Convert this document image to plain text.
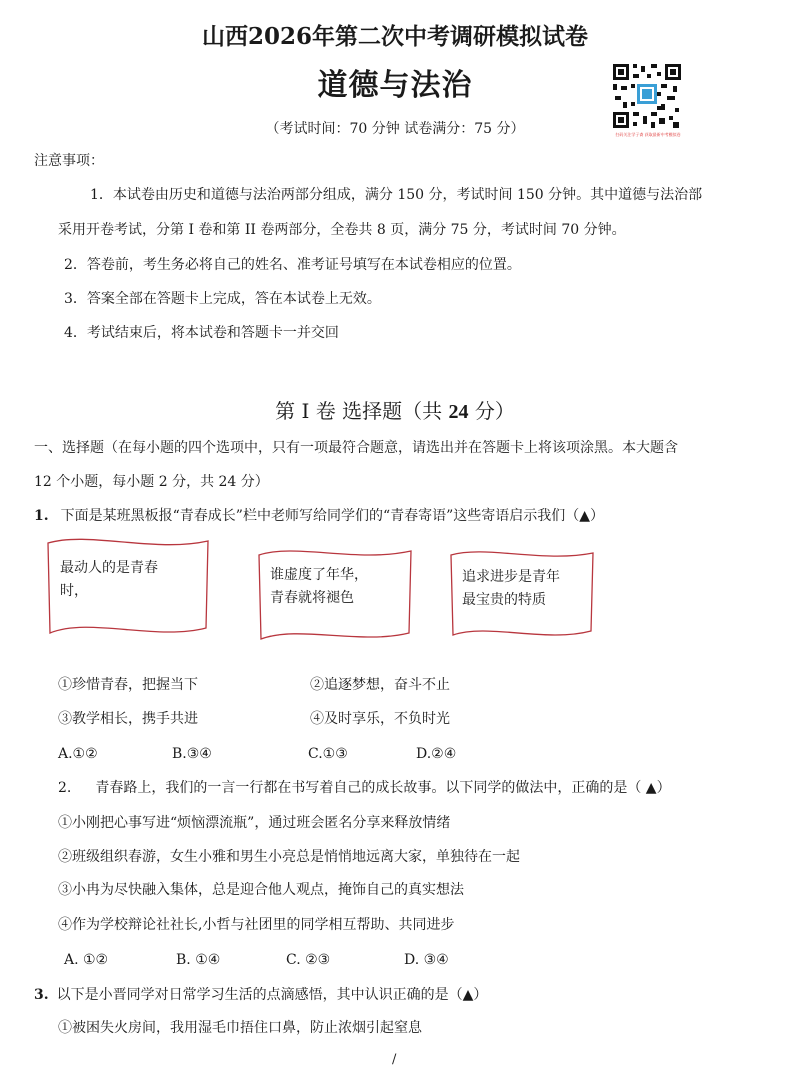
山西2026年第二次中考调研模拟试卷
道德与法治
（考试时间：70 分钟 试卷满分：75 分）	扫码关注学子斋 获取最新中考模拟卷
注意事项：
1．本试卷由历史和道德与法治两部分组成，满分 150 分，考试时间 150 分钟。其中道德与法治部
采用开卷考试，分第 I 卷和第 II 卷两部分，全卷共 8 页，满分 75 分，考试时间 70 分钟。
2．答卷前，考生务必将自己的姓名、准考证号填写在本试卷相应的位置。
3．答案全部在答题卡上完成，答在本试卷上无效。
4．考试结束后，将本试卷和答题卡一并交回
第 I 卷 选择题（共 24 分）
一、选择题（在每小题的四个选项中，只有一项最符合题意，请选出并在答题卡上将该项涂黑。本大题含
12 个小题，每小题 2 分，共 24 分）
1. 下面是某班黑板报“青春成长”栏中老师写给同学们的“青春寄语”这些寄语启示我们（▲）
最动人的是青春
时，
谁虚度了年华，
青春就将褪色
追求进步是青年
最宝贵的特质
①珍惜青春，把握当下	②追逐梦想，奋斗不止
③教学相长，携手共进	④及时享乐，不负时光
A.①②	B.③④	C.①③	D.②④
2. 青春路上，我们的一言一行都在书写着自己的成长故事。以下同学的做法中，正确的是（ ▲）
①小刚把心事写进“烦恼漂流瓶”，通过班会匿名分享来释放情绪
②班级组织春游，女生小雅和男生小亮总是悄悄地远离大家，单独待在一起
③小冉为尽快融入集体，总是迎合他人观点，掩饰自己的真实想法
④作为学校辩论社社长,小哲与社团里的同学相互帮助、共同进步
A. ①②	B. ①④	C. ②③	D. ③④
3. 以下是小晋同学对日常学习生活的点滴感悟，其中认识正确的是（▲）
①被困失火房间，我用湿毛巾捂住口鼻，防止浓烟引起窒息
/
